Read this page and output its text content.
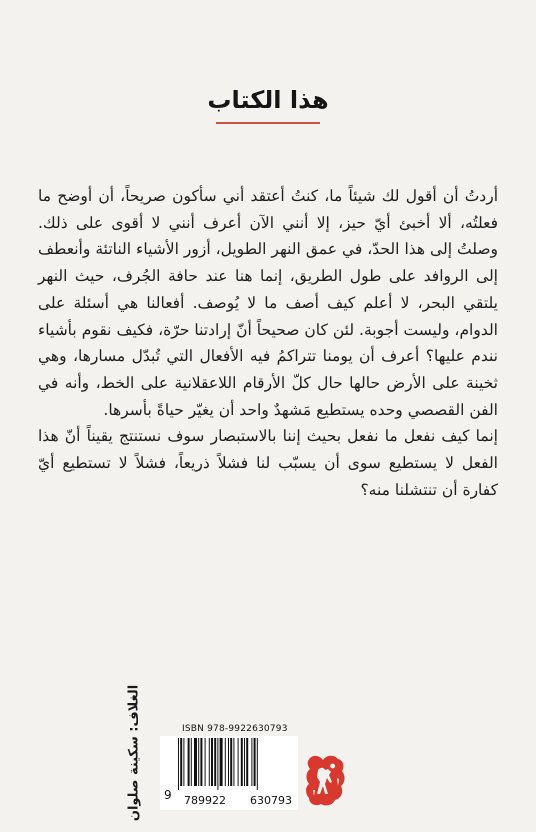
هذا الكتاب

أردتُ أن أقول لك شيئاً ما، كنتُ أعتقد أني سأكون صريحاً، أن أوضح ما فعلتُه، ألا أخبئ أيّ حيز، إلا أنني الآن أعرف أنني لا أقوى على ذلك. وصلتُ إلى هذا الحدّ، في عمق النهر الطويل، أزور الأشياء الناتئة وأنعطف إلى الروافد على طول الطريق، إنما هنا عند حافة الجُرف، حيث النهر يلتقي البحر، لا أعلم كيف أصف ما لا يُوصف. أفعالنا هي أسئلة على الدوام، وليست أجوبة. لئن كان صحيحاً أنّ إرادتنا حرّة، فكيف نقوم بأشياء نندم عليها؟ أعرف أن يومنا تتراكمُ فيه الأفعال التي تُبدّل مسارها، وهي ثخينة على الأرض حالها حال كلّ الأرقام اللاعقلانية على الخط، وأنه في الفن القصصي وحده يستطيع مَشهدٌ واحد أن يغيّر حياةً بأسرها.

إنما كيف نفعل ما نفعل بحيث إننا بالاستبصار سوف نستنتج يقيناً أنّ هذا الفعل لا يستطيع سوى أن يسبّب لنا فشلاً ذريعاً، فشلاً لا تستطيع أيّ كفارة أن تنتشلنا منه؟

الغلاف: سكينة صلوان	ISBN 978-9922630793
9 789922 630793
